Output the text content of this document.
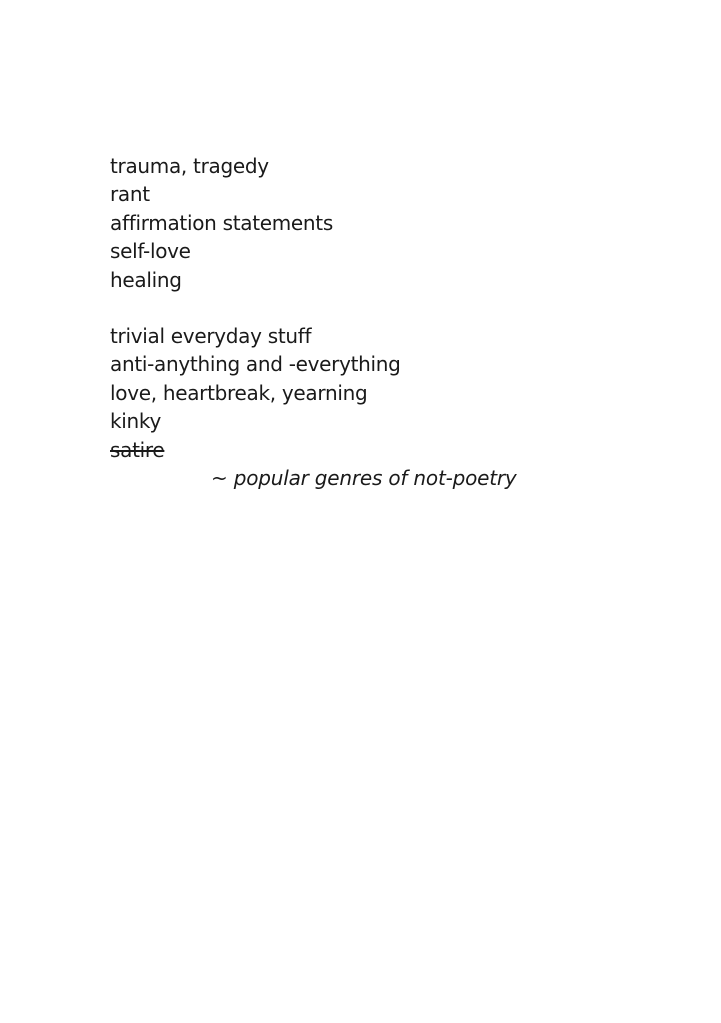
trauma, tragedy
rant
affirmation statements
self-love
healing
trivial everyday stuff
anti-anything and -everything
love, heartbreak, yearning
kinky
satire
~ popular genres of not-poetry
